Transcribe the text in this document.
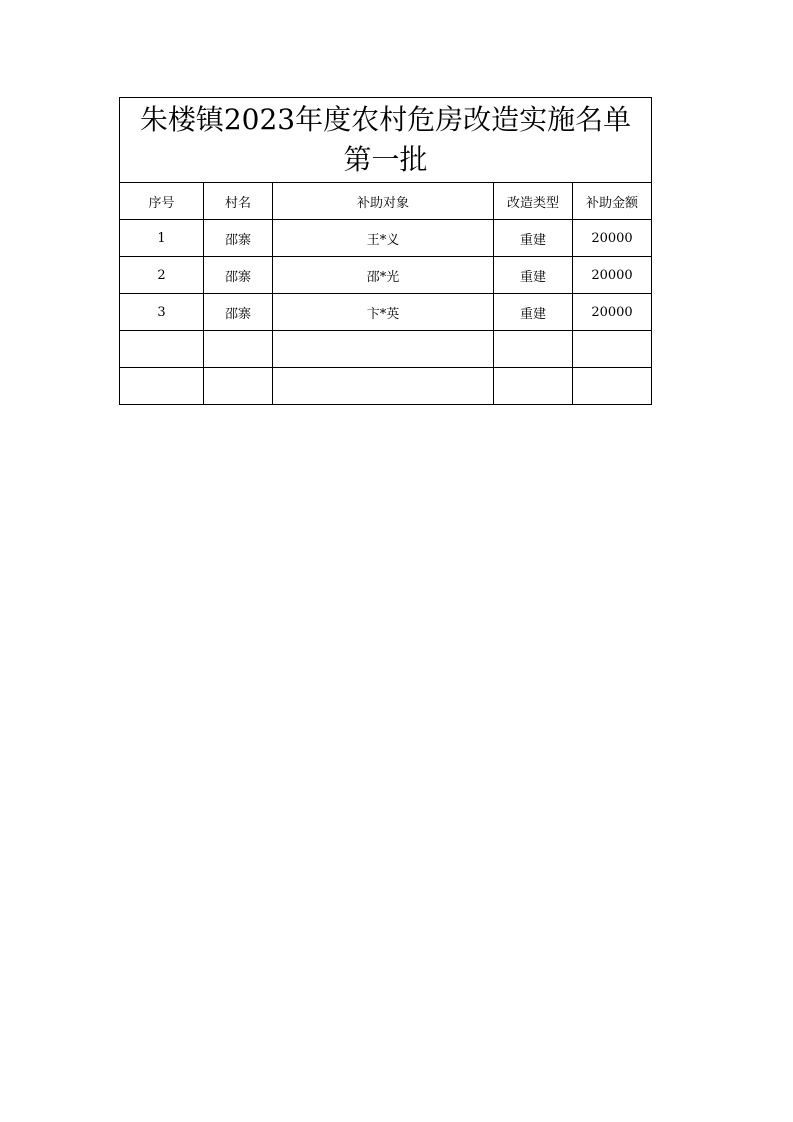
朱楼镇2023年度农村危房改造实施名单
第一批				

序号	村名	补助对象	改造类型	补助金额
1	邵寨	王*义	重建	20000
2	邵寨	邵*光	重建	20000
3	邵寨	卞*英	重建	20000
